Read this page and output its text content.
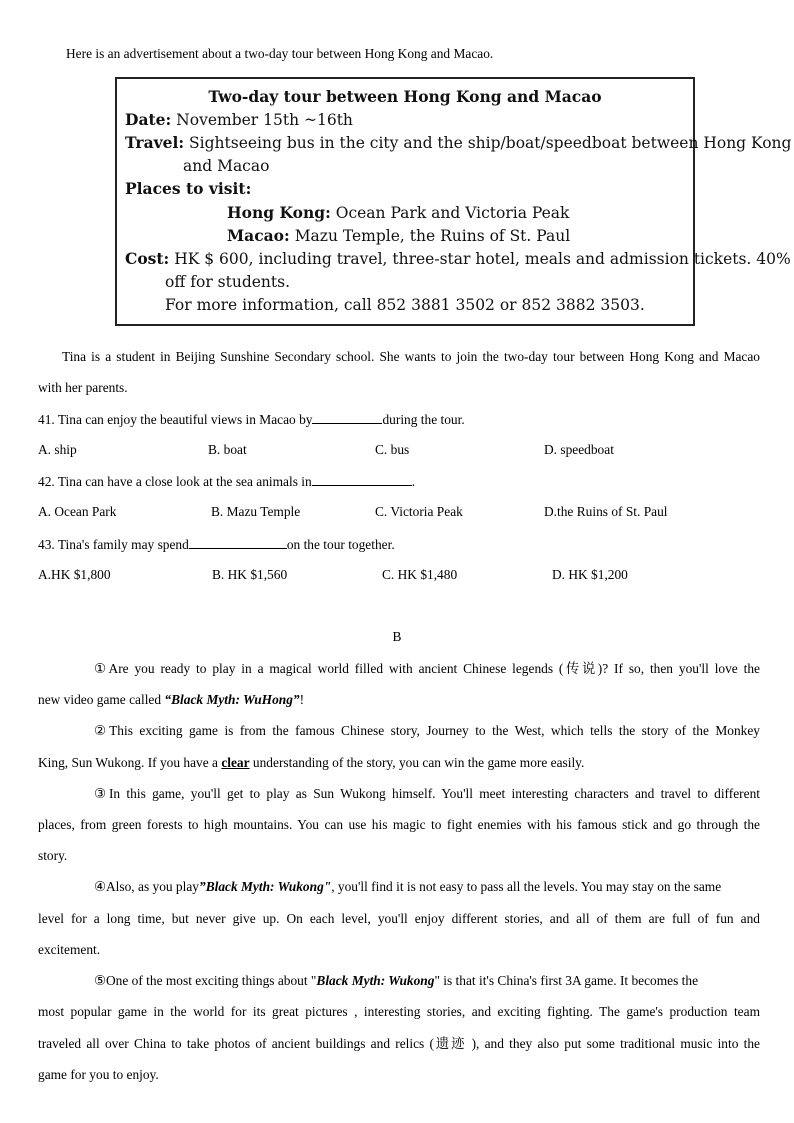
Here is an advertisement about a two-day tour between Hong Kong and Macao.
Two-day tour between Hong Kong and Macao
Date: November 15th ~16th
Travel: Sightseeing bus in the city and the ship/boat/speedboat between Hong Kong
and Macao
Places to visit:
Hong Kong: Ocean Park and Victoria Peak
Macao: Mazu Temple, the Ruins of St. Paul
Cost: HK $ 600, including travel, three-star hotel, meals and admission tickets. 40%
off for students.
For more information, call 852 3881 3502 or 852 3882 3503.
Tina is a student in Beijing Sunshine Secondary school. She wants to join the two-day tour between Hong Kong and Macao
with her parents.
41. Tina can enjoy the beautiful views in Macao by	during the tour.
A. ship	B. boat	C. bus	D. speedboat
42. Tina can have a close look at the sea animals in	.
A. Ocean Park	B. Mazu Temple	C. Victoria Peak	D.the Ruins of St. Paul
43. Tina's family may spend	on the tour together.
A.HK $1,800	B. HK $1,560	C. HK $1,480	D. HK $1,200
B
①Are you ready to play in a magical world filled with ancient Chinese legends (传说)? If so, then you'll love the
new video game called “Black Myth: WuHong”!
②This exciting game is from the famous Chinese story, Journey to the West, which tells the story of the Monkey
King, Sun Wukong. If you have a clear understanding of the story, you can win the game more easily.
③In this game, you'll get to play as Sun Wukong himself. You'll meet interesting characters and travel to different
places, from green forests to high mountains. You can use his magic to fight enemies with his famous stick and go through the
story.
④Also, as you play”Black Myth: Wukong", you'll find it is not easy to pass all the levels. You may stay on the same
level for a long time, but never give up. On each level, you'll enjoy different stories, and all of them are full of fun and
excitement.
⑤One of the most exciting things about "Black Myth: Wukong" is that it's China's first 3A game. It becomes the
most popular game in the world for its great pictures , interesting stories, and exciting fighting. The game's production team
traveled all over China to take photos of ancient buildings and relics (遗迹 ), and they also put some traditional music into the
game for you to enjoy.
